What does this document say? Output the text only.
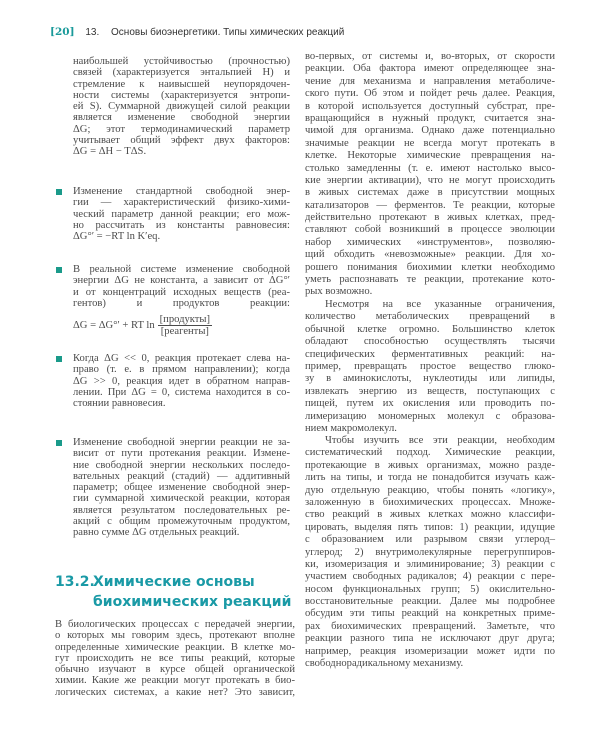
[20] 13. Основы биоэнергетики. Типы химических реакций
наибольшей устойчивостью (прочностью)
связей (характеризуется энтальпией H) и
стремление к наивысшей неупорядочен-
ности системы (характеризуется энтропи-
ей S). Суммарной движущей силой реакции
является изменение свободной энергии
ΔG; этот термодинамический параметр
учитывает общий эффект двух факторов:
ΔG = ΔH − TΔS.
Изменение стандартной свободной энер-
гии — характеристический физико-хими-
ческий параметр данной реакции; его мож-
но рассчитать из константы равновесия:
ΔG°′ = −RT ln K′eq.
В реальной системе изменение свободной
энергии ΔG не константа, а зависит от ΔG°′
и от концентраций исходных веществ (реа-
гентов) и продуктов реакции:
ΔG = ΔG°′ + RT $\ln \frac{\text{[продукты]}}{\text{[реагенты]}}$
Когда ΔG << 0, реакция протекает слева на-
право (т. е. в прямом направлении); когда
ΔG >> 0, реакция идет в обратном направ-
лении. При ΔG = 0, система находится в со-
стоянии равновесия.
Изменение свободной энергии реакции не за-
висит от пути протекания реакции. Измене-
ние свободной энергии нескольких последо-
вательных реакций (стадий) — аддитивный
параметр; общее изменение свободной энер-
гии суммарной химической реакции, которая
является результатом последовательных ре-
акций с общим промежуточным продуктом,
равно сумме ΔG отдельных реакций.
13.2.
Химические основы
биохимических реакций
В биологических процессах с передачей энергии,
о которых мы говорим здесь, протекают вполне
определенные химические реакции. В клетке мо-
гут происходить не все типы реакций, которые
обычно изучают в курсе общей органической
химии. Какие же реакции могут протекать в био-
логических системах, а какие нет? Это зависит,
во-первых, от системы и, во-вторых, от скорости
реакции. Оба фактора имеют определяющее зна-
чение для механизма и направления метаболиче-
ского пути. Об этом и пойдет речь далее. Реакция,
в которой используется доступный субстрат, пре-
вращающийся в нужный продукт, считается зна-
чимой для организма. Однако даже потенциально
значимые реакции не всегда могут протекать в
клетке. Некоторые химические превращения на-
столько замедленны (т. е. имеют настолько высо-
кие энергии активации), что не могут происходить
в живых системах даже в присутствии мощных
катализаторов — ферментов. Те реакции, которые
действительно протекают в живых клетках, пред-
ставляют собой возникший в процессе эволюции
набор химических «инструментов», позволяю-
щий обходить «невозможные» реакции. Для хо-
рошего понимания биохимии клетки необходимо
уметь распознавать те реакции, протекание кото-
рых возможно.
Несмотря на все указанные ограничения,
количество метаболических превращений в
обычной клетке огромно. Большинство клеток
обладают способностью осуществлять тысячи
специфических ферментативных реакций: на-
пример, превращать простое вещество глюко-
зу в аминокислоты, нуклеотиды или липиды,
извлекать энергию из веществ, поступающих с
пищей, путем их окисления или проводить по-
лимеризацию мономерных молекул с образова-
нием макромолекул.
Чтобы изучить все эти реакции, необходим
систематический подход. Химические реакции,
протекающие в живых организмах, можно разде-
лить на типы, и тогда не понадобится изучать каж-
дую отдельную реакцию, чтобы понять «логику»,
заложенную в биохимических процессах. Множе-
ство реакций в живых клетках можно классифи-
цировать, выделяя пять типов: 1) реакции, идущие
с образованием или разрывом связи углерод–
углерод; 2) внутримолекулярные перегруппиров-
ки, изомеризация и элиминирование; 3) реакции с
участием свободных радикалов; 4) реакции с пере-
носом функциональных групп; 5) окислительно-
восстановительные реакции. Далее мы подробнее
обсудим эти типы реакций на конкретных приме-
рах биохимических превращений. Заметьте, что
реакции разного типа не исключают друг друга;
например, реакция изомеризации может идти по
свободнорадикальному механизму.
